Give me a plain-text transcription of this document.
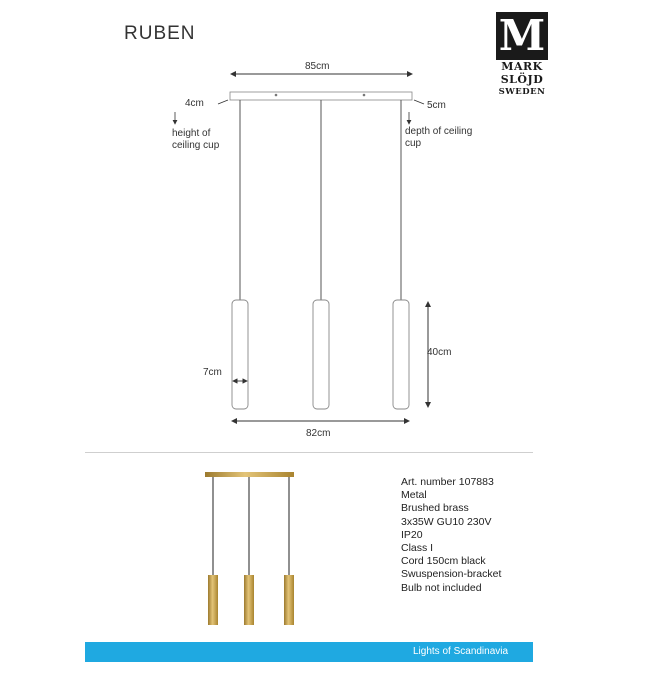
RUBEN	M
MARK
SLÖJD
SWEDEN
85cm
4cm
height of
ceiling cup
5cm
depth of ceiling
cup
7cm
40cm
82cm
Art. number 107883
Metal
Brushed brass
3x35W GU10 230V
IP20
Class I
Cord 150cm black
Swuspension-bracket
Bulb not included
Lights of Scandinavia
